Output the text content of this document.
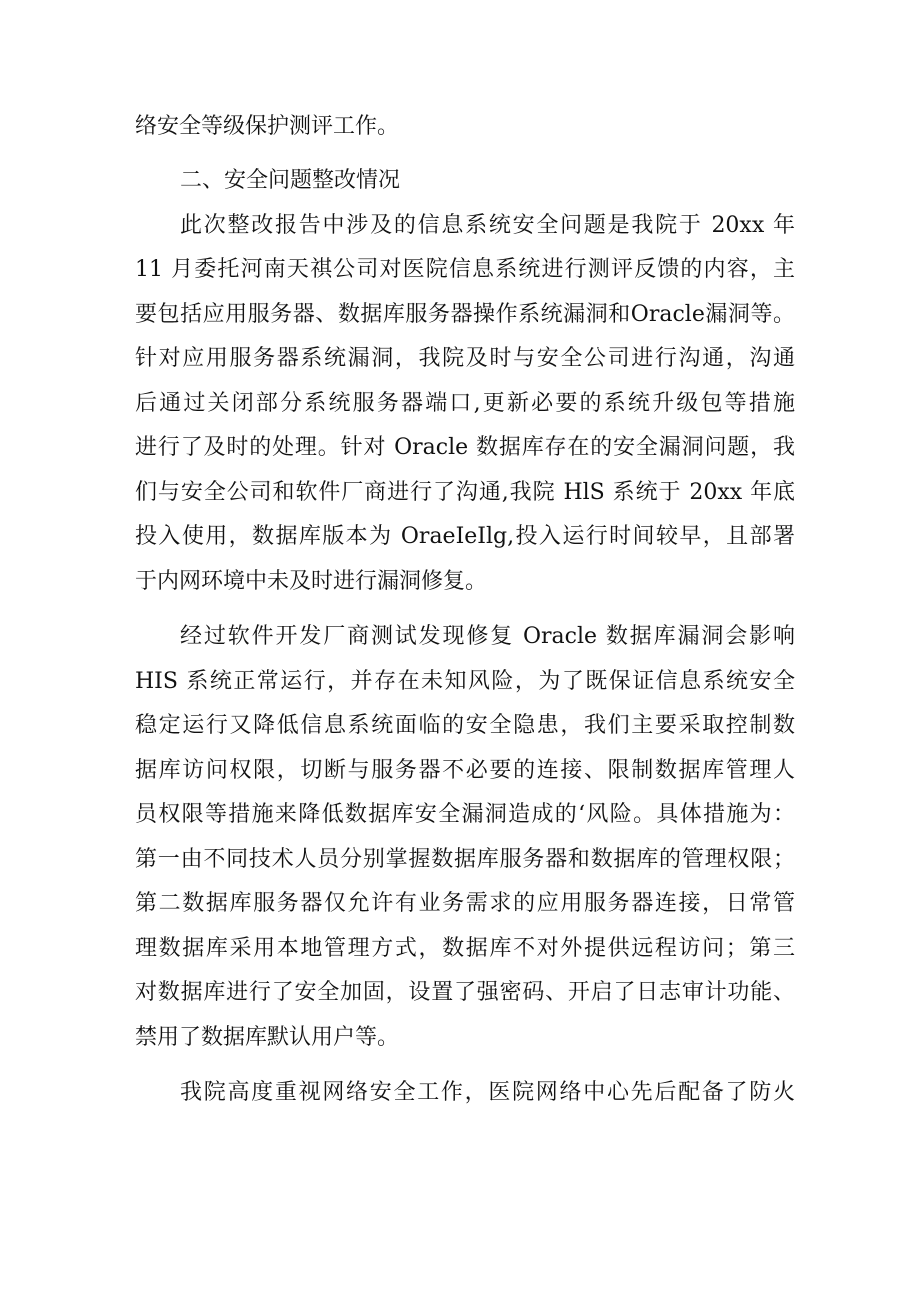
络安全等级保护测评工作。
二、安全问题整改情况
此次整改报告中涉及的信息系统安全问题是我院于 20xx 年
11 月委托河南天祺公司对医院信息系统进行测评反馈的内容，主
要包括应用服务器、数据库服务器操作系统漏洞和Oracle漏洞等。
针对应用服务器系统漏洞，我院及时与安全公司进行沟通，沟通
后通过关闭部分系统服务器端口,更新必要的系统升级包等措施
进行了及时的处理。针对 Oracle 数据库存在的安全漏洞问题，我
们与安全公司和软件厂商进行了沟通,我院 HlS 系统于 20xx 年底
投入使用，数据库版本为 OraeIeIlg,投入运行时间较早，且部署
于内网环境中未及时进行漏洞修复。
经过软件开发厂商测试发现修复 Oracle 数据库漏洞会影响
HIS 系统正常运行，并存在未知风险，为了既保证信息系统安全
稳定运行又降低信息系统面临的安全隐患，我们主要采取控制数
据库访问权限，切断与服务器不必要的连接、限制数据库管理人
员权限等措施来降低数据库安全漏洞造成的‘风险。具体措施为：
第一由不同技术人员分别掌握数据库服务器和数据库的管理权限；
第二数据库服务器仅允许有业务需求的应用服务器连接，日常管
理数据库采用本地管理方式，数据库不对外提供远程访问；第三
对数据库进行了安全加固，设置了强密码、开启了日志审计功能、
禁用了数据库默认用户等。
我院高度重视网络安全工作，医院网络中心先后配备了防火
